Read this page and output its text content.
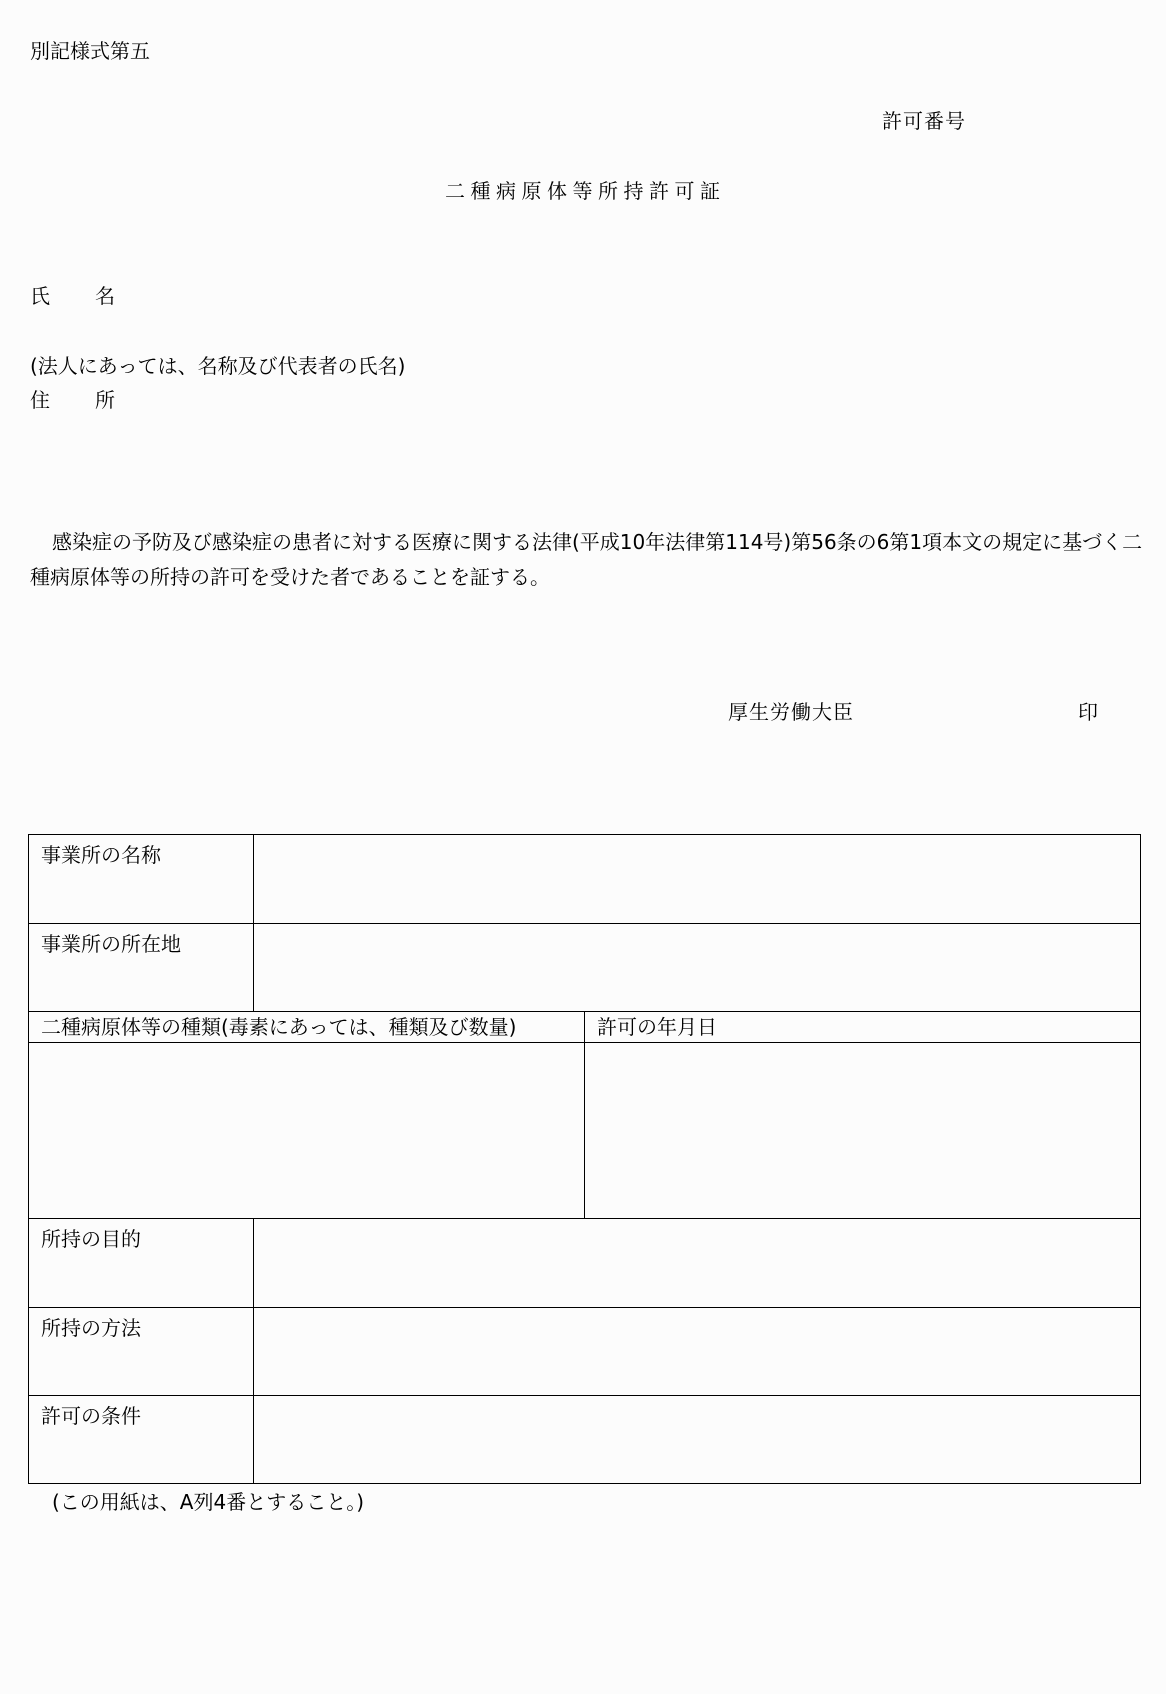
別記様式第五
許可番号
二種病原体等所持許可証
氏 名
(法人にあっては、名称及び代表者の氏名)
住 所
感染症の予防及び感染症の患者に対する医療に関する法律(平成10年法律第114号)第56条の6第1項本文の規定に基づく二種病原体等の所持の許可を受けた者であることを証する。
厚生労働大臣	印
事業所の名称		
事業所の所在地		
二種病原体等の種類(毒素にあっては、種類及び数量)		許可の年月日

所持の目的		
所持の方法		
許可の条件		
(この用紙は、A列4番とすること。)
